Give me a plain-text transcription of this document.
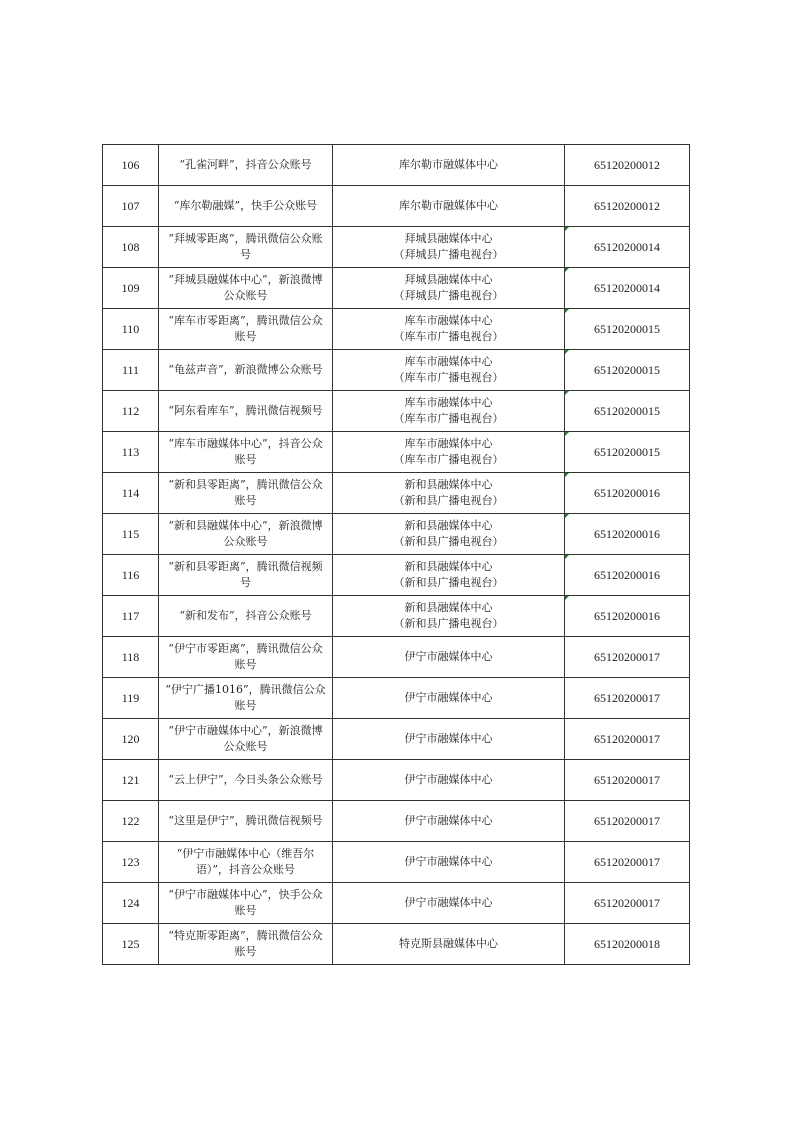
106	“孔雀河畔”，抖音公众账号	库尔勒市融媒体中心	65120200012
107	“库尔勒融媒”，快手公众账号	库尔勒市融媒体中心	65120200012
108	“拜城零距离”，腾讯微信公众账
号	拜城县融媒体中心
（拜城县广播电视台）	65120200014
109	“拜城县融媒体中心”，新浪微博
公众账号	拜城县融媒体中心
（拜城县广播电视台）	65120200014
110	“库车市零距离”，腾讯微信公众
账号	库车市融媒体中心
（库车市广播电视台）	65120200015
111	“龟兹声音”，新浪微博公众账号	库车市融媒体中心
（库车市广播电视台）	65120200015
112	“阿东看库车”，腾讯微信视频号	库车市融媒体中心
（库车市广播电视台）	65120200015
113	“库车市融媒体中心”，抖音公众
账号	库车市融媒体中心
（库车市广播电视台）	65120200015
114	“新和县零距离”，腾讯微信公众
账号	新和县融媒体中心
（新和县广播电视台）	65120200016
115	“新和县融媒体中心”，新浪微博
公众账号	新和县融媒体中心
（新和县广播电视台）	65120200016
116	“新和县零距离”，腾讯微信视频
号	新和县融媒体中心
（新和县广播电视台）	65120200016
117	“新和发布”，抖音公众账号	新和县融媒体中心
（新和县广播电视台）	65120200016
118	“伊宁市零距离”，腾讯微信公众
账号	伊宁市融媒体中心	65120200017
119	“伊宁广播1016”，腾讯微信公众
账号	伊宁市融媒体中心	65120200017
120	“伊宁市融媒体中心”，新浪微博
公众账号	伊宁市融媒体中心	65120200017
121	“云上伊宁”，今日头条公众账号	伊宁市融媒体中心	65120200017
122	“这里是伊宁”，腾讯微信视频号	伊宁市融媒体中心	65120200017
123	“伊宁市融媒体中心（维吾尔
语）”，抖音公众账号	伊宁市融媒体中心	65120200017
124	“伊宁市融媒体中心”，快手公众
账号	伊宁市融媒体中心	65120200017
125	“特克斯零距离”，腾讯微信公众
账号	特克斯县融媒体中心	65120200018
